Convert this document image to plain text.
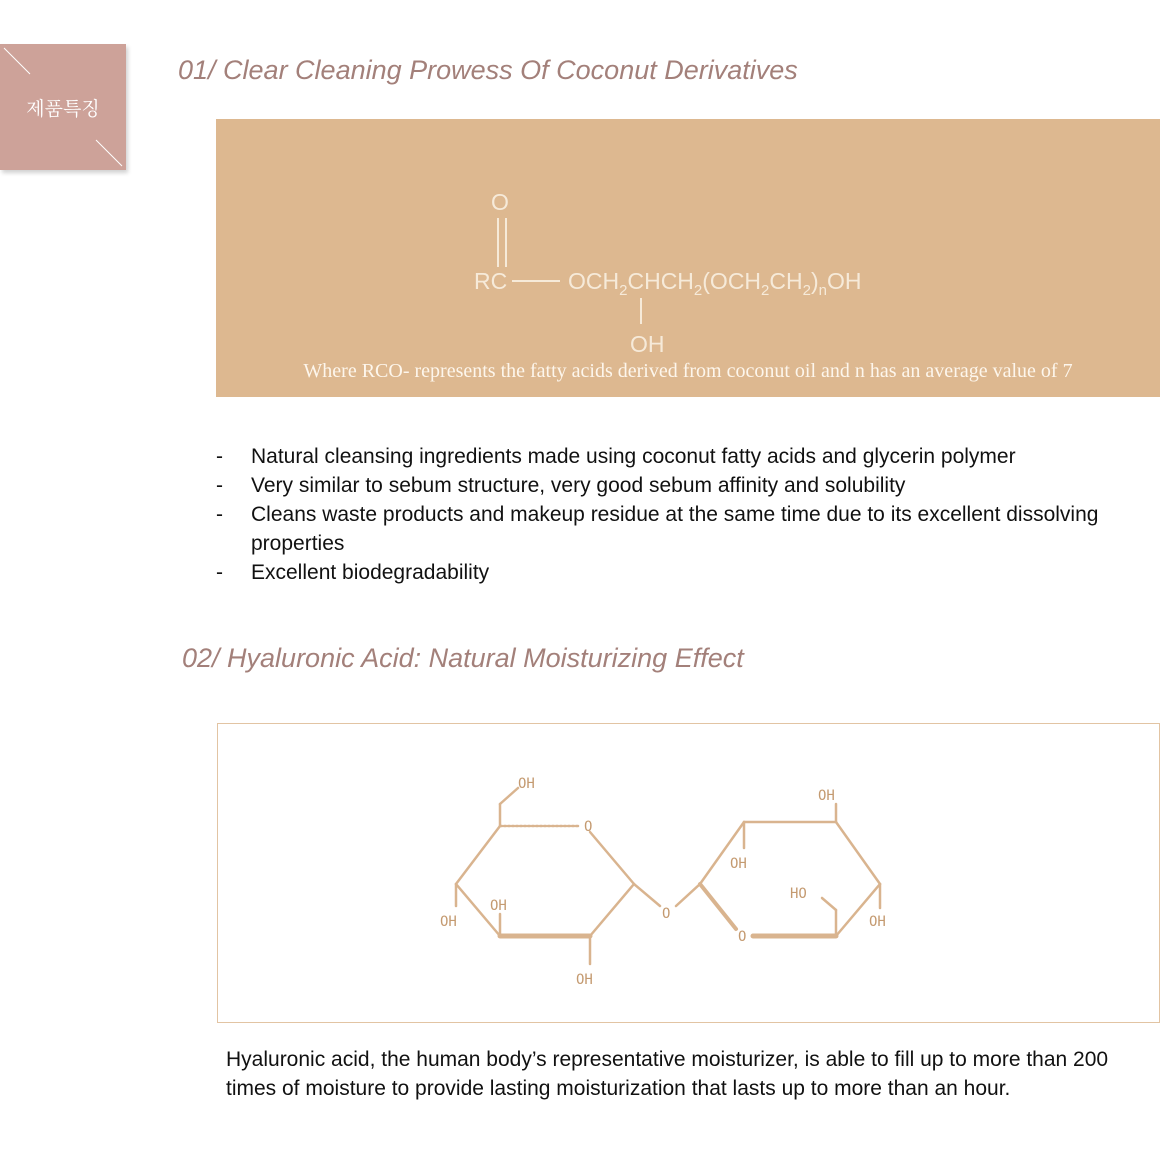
제품특징
01/ Clear Cleaning Prowess Of Coconut Derivatives
O
RC	$OCH_2CHCH_2(OCH_2CH_2)_nOH$
OH
Where RCO- represents the fatty acids derived from coconut oil and n has an average value of 7
- Natural cleansing ingredients made using coconut fatty acids and glycerin polymer
- Very similar to sebum structure, very good sebum affinity and solubility
- Cleans waste products and makeup residue at the same time due to its excellent dissolving properties
- Excellent biodegradability
02/ Hyaluronic Acid: Natural Moisturizing Effect
OH
O
OH
OH
OH
O
OH
OH
HO
OH
O

Hyaluronic acid, the human body’s representative moisturizer, is able to fill up to more than 200 times of moisture to provide lasting moisturization that lasts up to more than an hour.
